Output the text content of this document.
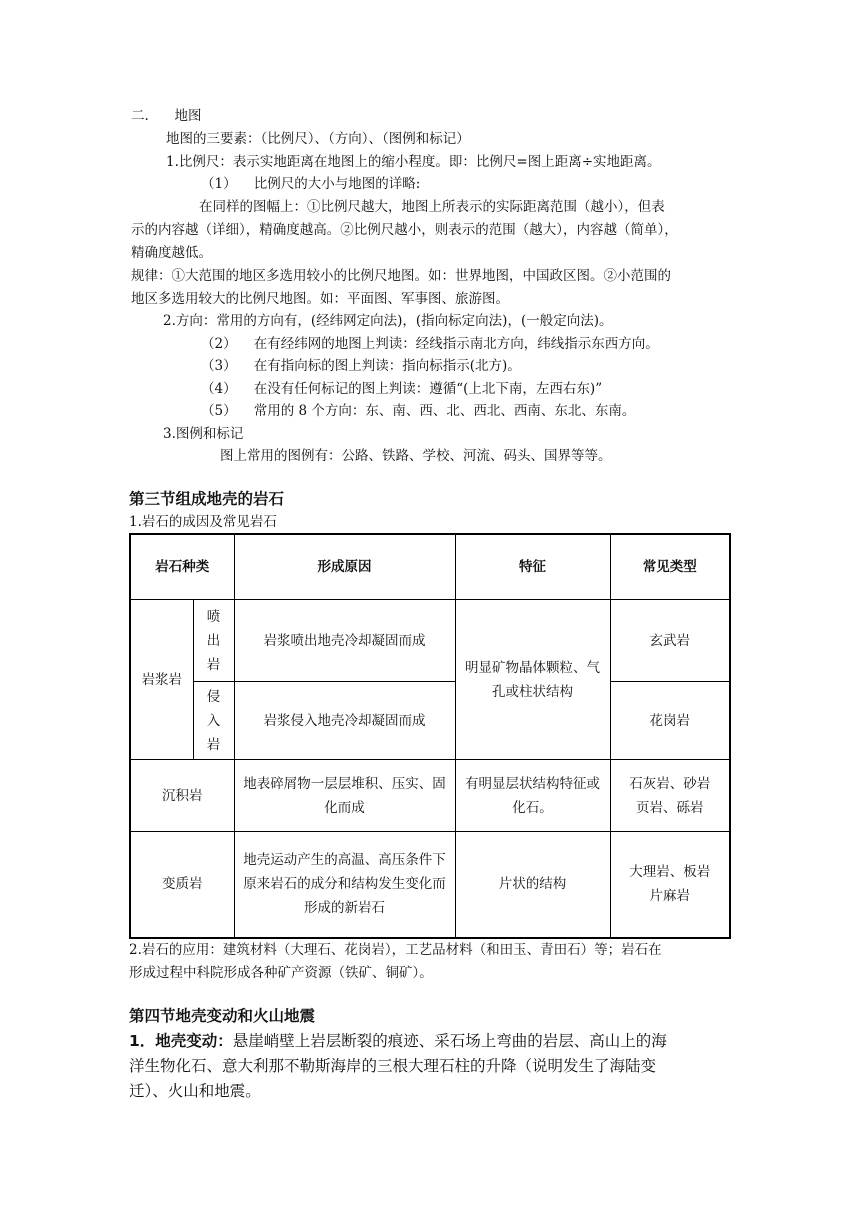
二.      地图
地图的三要素：（比例尺）、（方向）、（图例和标记）
1.比例尺：表示实地距离在地图上的缩小程度。即：比例尺=图上距离÷实地距离。
（1）    比例尺的大小与地图的详略:
在同样的图幅上：①比例尺越大，地图上所表示的实际距离范围（越小），但表
示的内容越（详细），精确度越高。②比例尺越小，则表示的范围（越大），内容越（简单），
精确度越低。
规律：①大范围的地区多选用较小的比例尺地图。如：世界地图，中国政区图。②小范围的
地区多选用较大的比例尺地图。如：平面图、军事图、旅游图。
2.方向：常用的方向有，(经纬网定向法)，(指向标定向法)，(一般定向法)。
（2）    在有经纬网的地图上判读：经线指示南北方向，纬线指示东西方向。
（3）    在有指向标的图上判读：指向标指示(北方)。
（4）    在没有任何标记的图上判读：遵循“(上北下南，左西右东)”
（5）    常用的 8 个方向：东、南、西、北、西北、西南、东北、东南。
3.图例和标记
图上常用的图例有：公路、铁路、学校、河流、码头、国界等等。
第三节组成地壳的岩石
1.岩石的成因及常见岩石
岩石种类		形成原因	特征	常见类型
岩浆岩	喷出岩	岩浆喷出地壳冷却凝固而成	明显矿物晶体颗粒、气孔或柱状结构	玄武岩

	侵入岩	岩浆侵入地壳冷却凝固而成		花岗岩
沉积岩		地表碎屑物一层层堆积、压实、固化而成	有明显层状结构特征或化石。	石灰岩、砂岩
页岩、砾岩

变质岩		地壳运动产生的高温、高压条件下原来岩石的成分和结构发生变化而形成的新岩石	片状的结构	大理岩、板岩
片麻岩
2.岩石的应用：建筑材料（大理石、花岗岩），工艺品材料（和田玉、青田石）等；岩石在
形成过程中科院形成各种矿产资源（铁矿、铜矿）。
第四节地壳变动和火山地震
1．地壳变动：悬崖峭壁上岩层断裂的痕迹、采石场上弯曲的岩层、高山上的海
洋生物化石、意大利那不勒斯海岸的三根大理石柱的升降（说明发生了海陆变
迁）、火山和地震。
